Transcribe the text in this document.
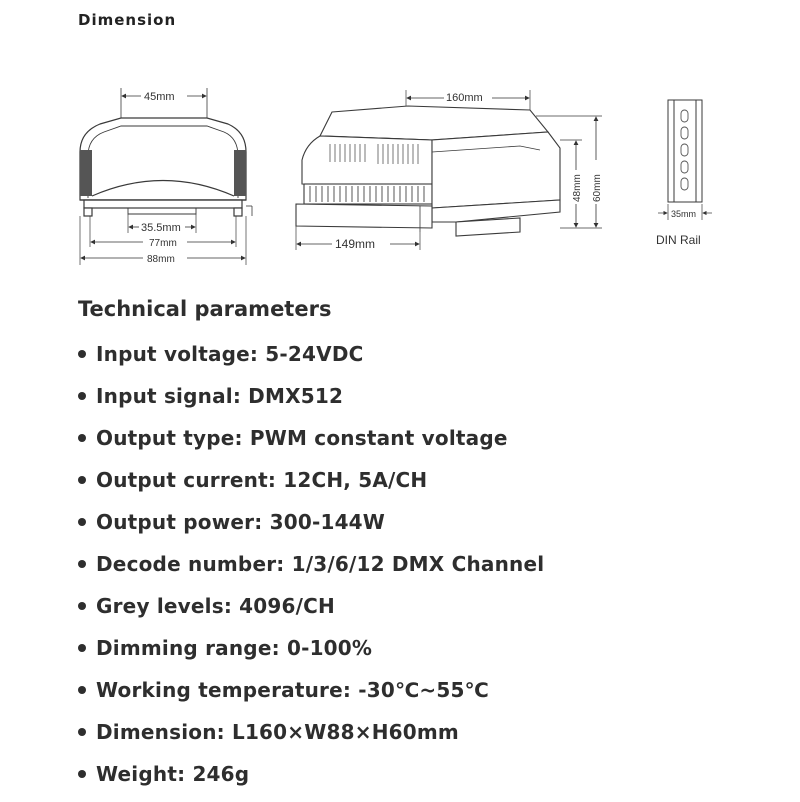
Dimension
45mm
35.5mm
77mm
88mm
160mm
149mm
48mm 60mm
35mm
DIN Rail
Technical parameters
Input voltage: 5-24VDC
Input signal: DMX512
Output type: PWM constant voltage
Output current: 12CH, 5A/CH
Output power: 300-144W
Decode number: 1/3/6/12 DMX Channel
Grey levels: 4096/CH
Dimming range: 0-100%
Working temperature: -30℃~55℃
Dimension: L160×W88×H60mm
Weight: 246g
